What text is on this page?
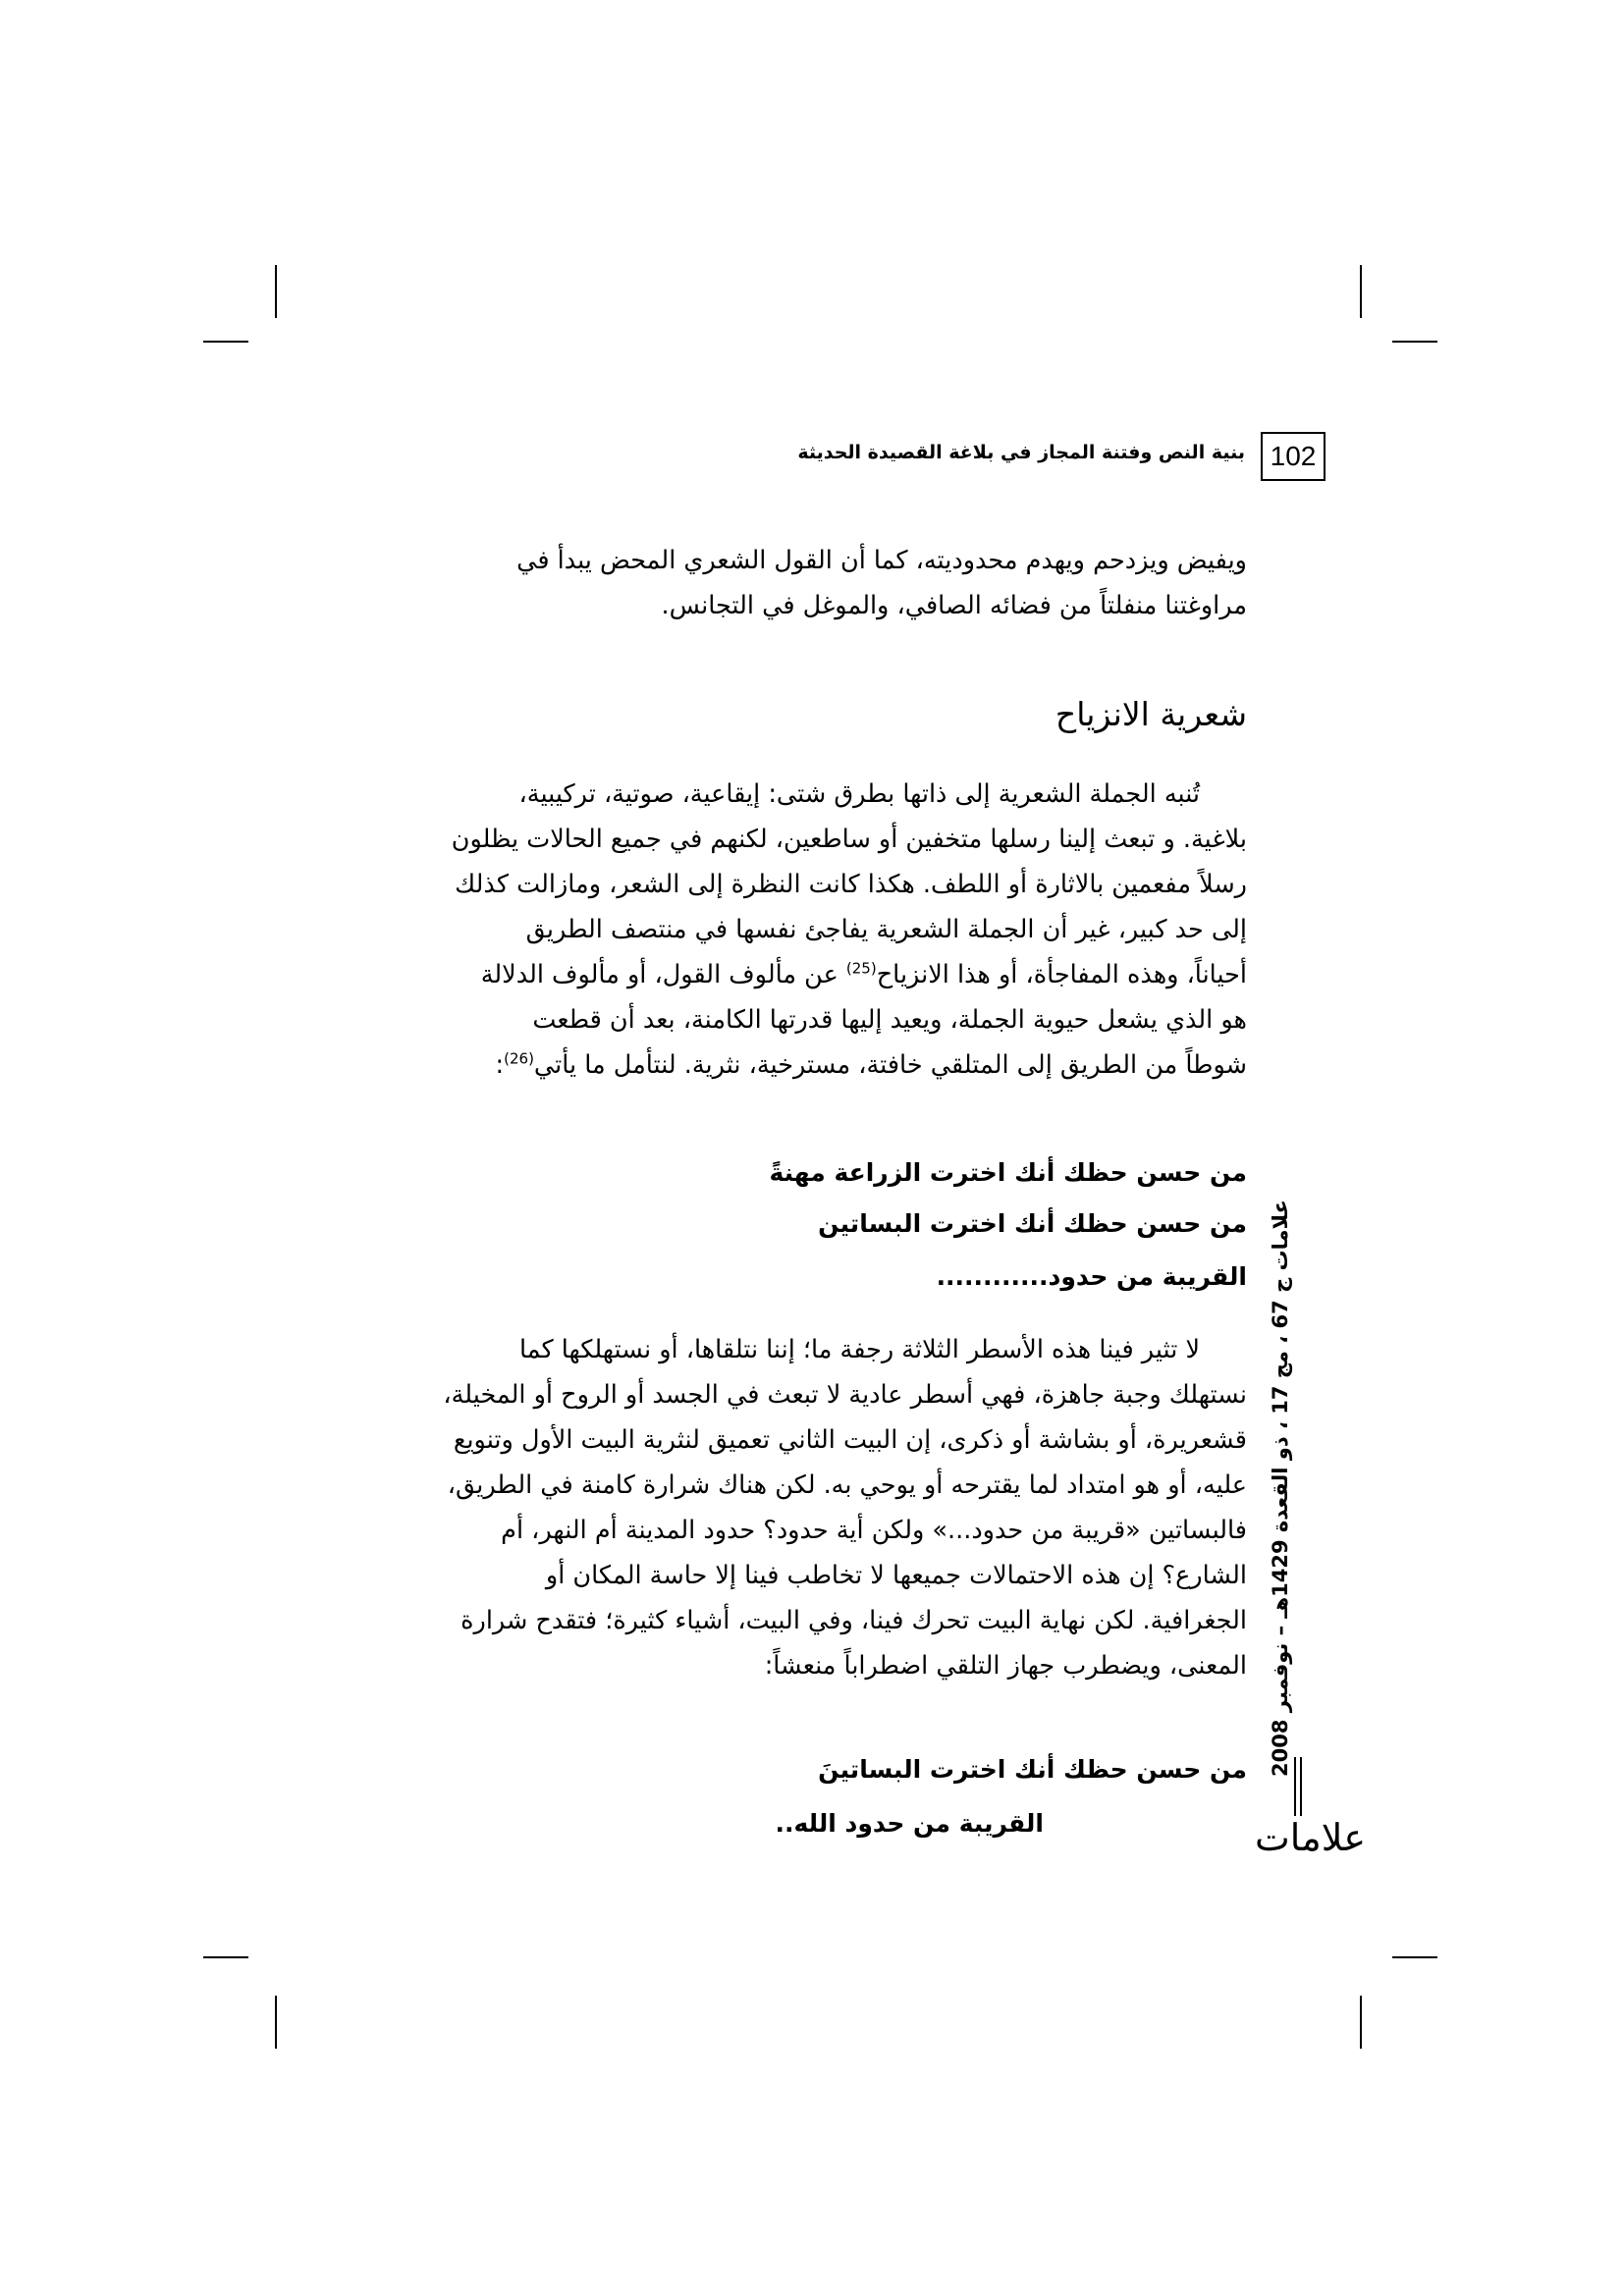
102
بنية النص وفتنة المجاز في بلاغة القصيدة الحديثة

ويفيض ويزدحم ويهدم محدوديته، كما أن القول الشعري المحض يبدأ في

مراوغتنا منفلتاً من فضائه الصافي، والموغل في التجانس.

شعرية الانزياح

تُنبه الجملة الشعرية إلى ذاتها بطرق شتى: إيقاعية، صوتية، تركيبية،

بلاغية. و تبعث إلينا رسلها متخفين أو ساطعين، لكنهم في جميع الحالات يظلون

رسلاً مفعمين بالاثارة أو اللطف. هكذا كانت النظرة إلى الشعر، ومازالت كذلك

إلى حد كبير، غير أن الجملة الشعرية يفاجئ نفسها في منتصف الطريق

أحياناً، وهذه المفاجأة، أو هذا الانزياح$^{(25)}$ عن مألوف القول، أو مألوف الدلالة

هو الذي يشعل حيوية الجملة، ويعيد إليها قدرتها الكامنة، بعد أن قطعت

شوطاً من الطريق إلى المتلقي خافتة، مسترخية، نثرية. لنتأمل ما يأتي$^{(26)}$:

من حسن حظك أنك اخترت الزراعة مهنةً
من حسن حظك أنك اخترت البساتين
القريبة من حدود............

لا تثير فينا هذه الأسطر الثلاثة رجفة ما؛ إننا نتلقاها، أو نستهلكها كما

نستهلك وجبة جاهزة، فهي أسطر عادية لا تبعث في الجسد أو الروح أو المخيلة،

قشعريرة، أو بشاشة أو ذكرى، إن البيت الثاني تعميق لنثرية البيت الأول وتنويع

عليه، أو هو امتداد لما يقترحه أو يوحي به. لكن هناك شرارة كامنة في الطريق،

فالبساتين «قريبة من حدود...» ولكن أية حدود؟ حدود المدينة أم النهر، أم

الشارع؟ إن هذه الاحتمالات جميعها لا تخاطب فينا إلا حاسة المكان أو

الجغرافية. لكن نهاية البيت تحرك فينا، وفي البيت، أشياء كثيرة؛ فتقدح شرارة

المعنى، ويضطرب جهاز التلقي اضطراباً منعشاً:

من حسن حظك أنك اخترت البساتينَ
القريبة من حدود الله..
علامات ج 67 ، مج 17 ، ذو القعدة 1429هـ – نوفمبر 2008
علامات
